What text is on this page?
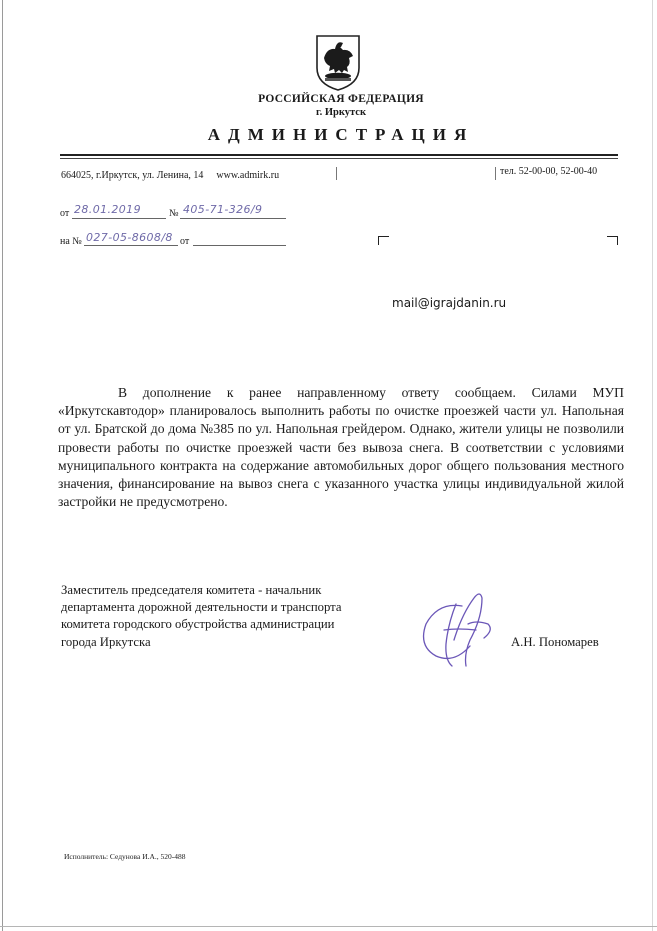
РОССИЙСКАЯ ФЕДЕРАЦИЯ
г. Иркутск
АДМИНИСТРАЦИЯ
664025, г.Иркутск, ул. Ленина, 14 www.admirk.ru	тел. 52-00-00, 52-00-40
от 28.01.2019	№ 405-71-326/9
на № 027-05-8608/8 от
mail@igrajdanin.ru

В дополнение к ранее направленному ответу сообщаем. Силами МУП «Иркутскавтодор» планировалось выполнить работы по очистке проезжей части ул. Напольная от ул. Братской до дома №385 по ул. Напольная грейдером. Однако, жители улицы не позволили провести работы по очистке проезжей части без вывоза снега. В соответствии с условиями муниципального контракта на содержание автомобильных дорог общего пользования местного значения, финансирование на вывоз снега с указанного участка улицы индивидуальной жилой застройки не предусмотрено.

Заместитель председателя комитета - начальник
департамента дорожной деятельности и транспорта
комитета городского обустройства администрации
города Иркутска	А.Н. Пономарев
Исполнитель: Седунова И.А., 520-488
